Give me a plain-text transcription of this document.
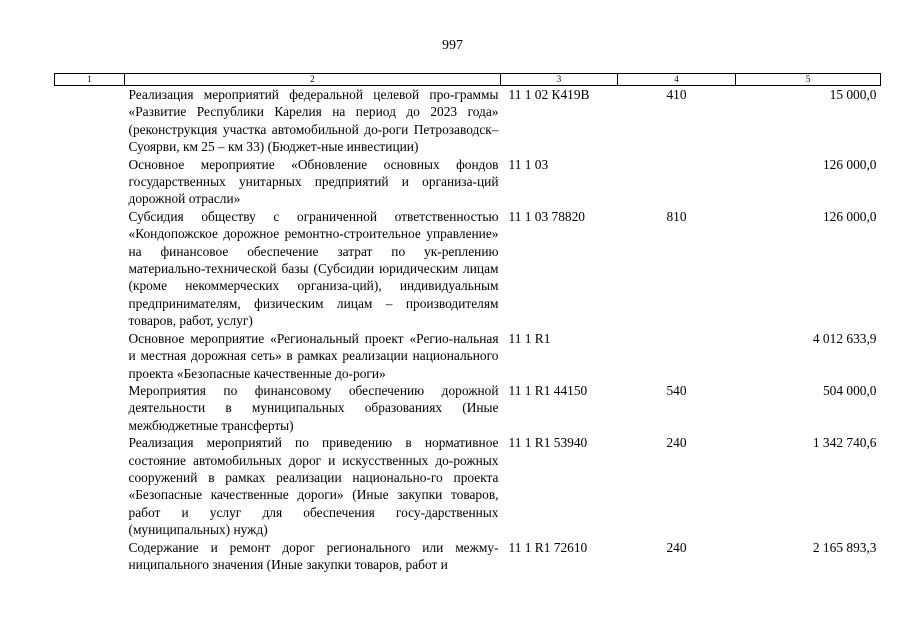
997
1	2	3	4	5
	Реализация мероприятий федеральной целевой про-граммы «Развитие Республики Карелия на период до 2023 года» (реконструкция участка автомобильной до-роги Петрозаводск–Суоярви, км 25 – км 33) (Бюджет-ные инвестиции)	11 1 02 К419В	410	15 000,0
	Основное мероприятие «Обновление основных фондов государственных унитарных предприятий и организа-ций дорожной отрасли»	11 1 03		126 000,0
	Субсидия обществу с ограниченной ответственностью «Кондопожское дорожное ремонтно-строительное управление» на финансовое обеспечение затрат по ук-реплению материально-технической базы (Субсидии юридическим лицам (кроме некоммерческих организа-ций), индивидуальным предпринимателям, физическим лицам – производителям товаров, работ, услуг)	11 1 03 78820	810	126 000,0
	Основное мероприятие «Региональный проект «Регио-нальная и местная дорожная сеть» в рамках реализации национального проекта «Безопасные качественные до-роги»	11 1 R1		4 012 633,9
	Мероприятия по финансовому обеспечению дорожной деятельности в муниципальных образованиях (Иные межбюджетные трансферты)	11 1 R1 44150	540	504 000,0
	Реализация мероприятий по приведению в нормативное состояние автомобильных дорог и искусственных до-рожных сооружений в рамках реализации национально-го проекта «Безопасные качественные дороги» (Иные закупки товаров, работ и услуг для обеспечения госу-дарственных (муниципальных) нужд)	11 1 R1 53940	240	1 342 740,6
	Содержание и ремонт дорог регионального или межму-ниципального значения (Иные закупки товаров, работ и	11 1 R1 72610	240	2 165 893,3
